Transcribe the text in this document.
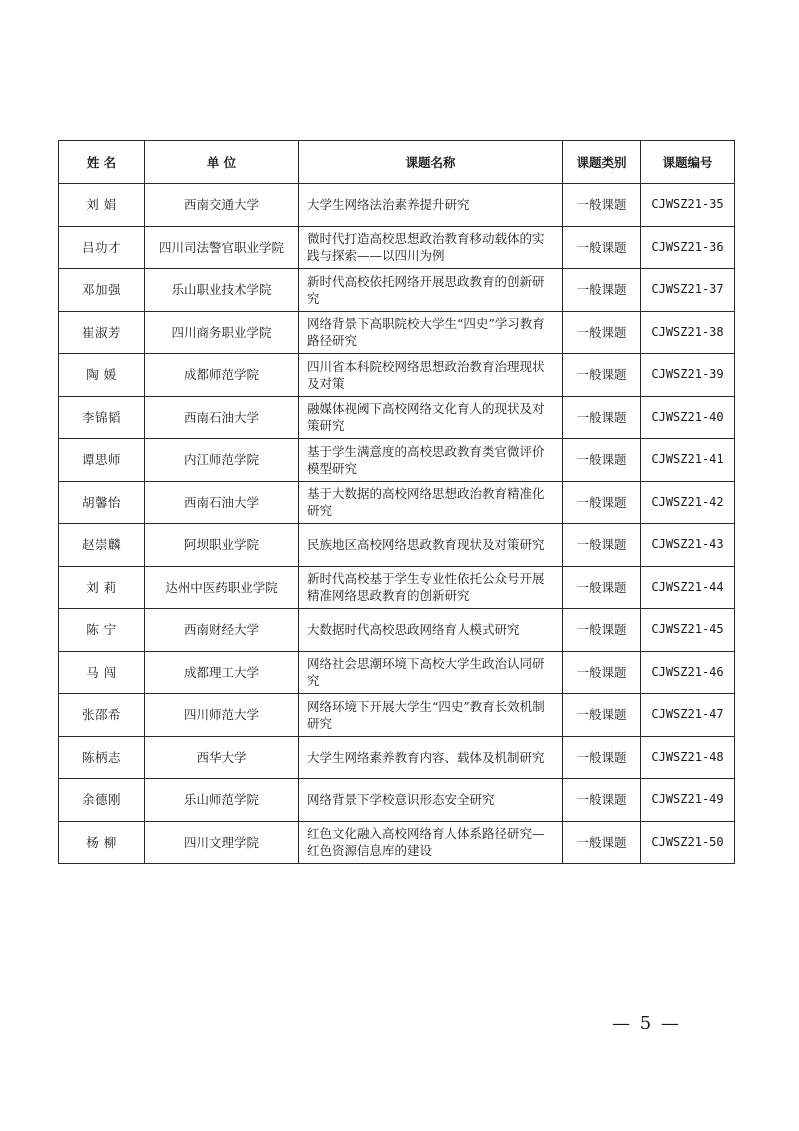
姓 名	单 位	课题名称	课题类别	课题编号
刘 娟	西南交通大学	大学生网络法治素养提升研究	一般课题	CJWSZ21-35
吕功才	四川司法警官职业学院	微时代打造高校思想政治教育移动载体的实践与探索——以四川为例	一般课题	CJWSZ21-36
邓加强	乐山职业技术学院	新时代高校依托网络开展思政教育的创新研究	一般课题	CJWSZ21-37
崔淑芳	四川商务职业学院	网络背景下高职院校大学生“四史”学习教育路径研究	一般课题	CJWSZ21-38
陶 媛	成都师范学院	四川省本科院校网络思想政治教育治理现状及对策	一般课题	CJWSZ21-39
李锦韬	西南石油大学	融媒体视阈下高校网络文化育人的现状及对策研究	一般课题	CJWSZ21-40
谭思师	内江师范学院	基于学生满意度的高校思政教育类官微评价模型研究	一般课题	CJWSZ21-41
胡馨怡	西南石油大学	基于大数据的高校网络思想政治教育精准化研究	一般课题	CJWSZ21-42
赵崇麟	阿坝职业学院	民族地区高校网络思政教育现状及对策研究	一般课题	CJWSZ21-43
刘 莉	达州中医药职业学院	新时代高校基于学生专业性依托公众号开展精准网络思政教育的创新研究	一般课题	CJWSZ21-44
陈 宁	西南财经大学	大数据时代高校思政网络育人模式研究	一般课题	CJWSZ21-45
马 闯	成都理工大学	网络社会思潮环境下高校大学生政治认同研究	一般课题	CJWSZ21-46
张邵希	四川师范大学	网络环境下开展大学生“四史”教育长效机制研究	一般课题	CJWSZ21-47
陈柄志	西华大学	大学生网络素养教育内容、载体及机制研究	一般课题	CJWSZ21-48
余德刚	乐山师范学院	网络背景下学校意识形态安全研究	一般课题	CJWSZ21-49
杨 柳	四川文理学院	红色文化融入高校网络育人体系路径研究—红色资源信息库的建设	一般课题	CJWSZ21-50
— 5 —
